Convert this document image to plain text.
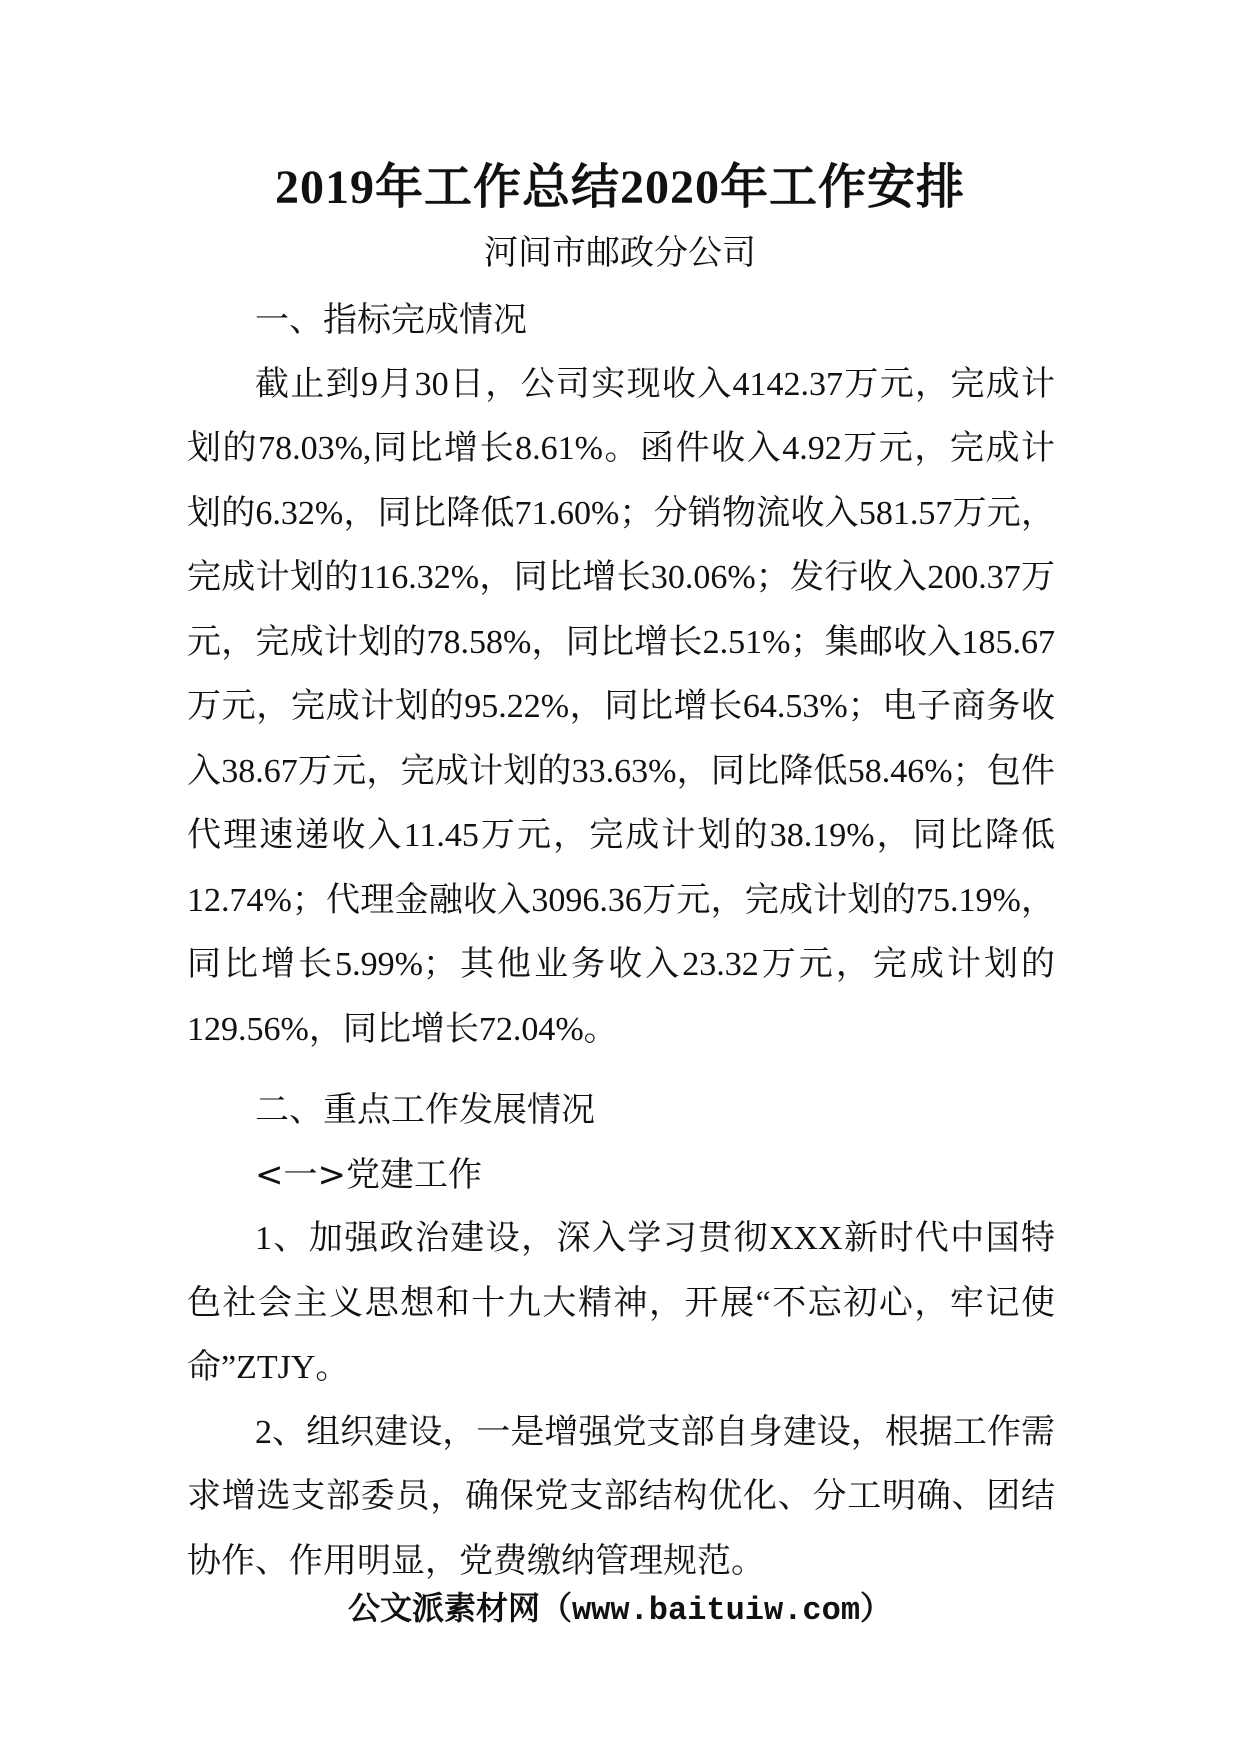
2019年工作总结2020年工作安排
河间市邮政分公司

一、指标完成情况

截止到9月30日，公司实现收入4142.37万元，完成计划的78.03%,同比增长8.61%。函件收入4.92万元，完成计划的6.32%，同比降低71.60%；分销物流收入581.57万元，完成计划的116.32%，同比增长30.06%；发行收入200.37万元，完成计划的78.58%，同比增长2.51%；集邮收入185.67万元，完成计划的95.22%，同比增长64.53%；电子商务收入38.67万元，完成计划的33.63%，同比降低58.46%；包件代理速递收入11.45万元，完成计划的38.19%，同比降低12.74%；代理金融收入3096.36万元，完成计划的75.19%，同比增长5.99%；其他业务收入23.32万元，完成计划的129.56%，同比增长72.04%。

二、重点工作发展情况

<一>党建工作

1、加强政治建设，深入学习贯彻XXX新时代中国特色社会主义思想和十九大精神，开展“不忘初心，牢记使命”ZTJY。

2、组织建设，一是增强党支部自身建设，根据工作需求增选支部委员，确保党支部结构优化、分工明确、团结协作、作用明显，党费缴纳管理规范。

公文派素材网（www.baituiw.com）
